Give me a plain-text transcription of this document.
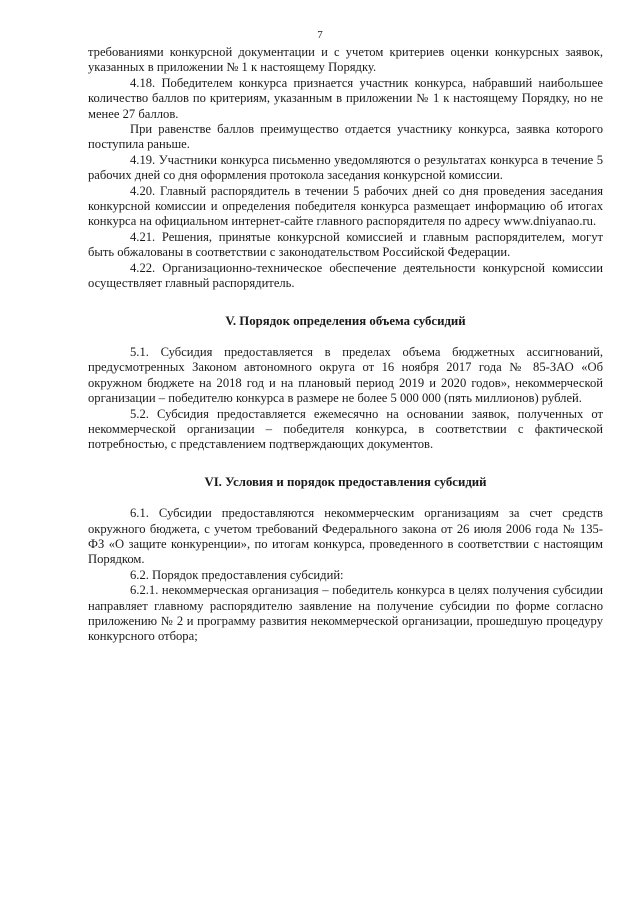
7

требованиями конкурсной документации и с учетом критериев оценки конкурсных заявок, указанных в приложении № 1 к настоящему Порядку.

4.18. Победителем конкурса признается участник конкурса, набравший наибольшее количество баллов по критериям, указанным в приложении № 1 к настоящему Порядку, но не менее 27 баллов.

При равенстве баллов преимущество отдается участнику конкурса, заявка которого поступила раньше.

4.19. Участники конкурса письменно уведомляются о результатах конкурса в течение 5 рабочих дней со дня оформления протокола заседания конкурсной комиссии.

4.20. Главный распорядитель в течении 5 рабочих дней со дня проведения заседания конкурсной комиссии и определения победителя конкурса размещает информацию об итогах конкурса на официальном интернет-сайте главного распорядителя по адресу www.dniyanao.ru.

4.21. Решения, принятые конкурсной комиссией и главным распорядителем, могут быть обжалованы в соответствии с законодательством Российской Федерации.

4.22. Организационно-техническое обеспечение деятельности конкурсной комиссии осуществляет главный распорядитель.

V. Порядок определения объема субсидий

5.1. Субсидия предоставляется в пределах объема бюджетных ассигнований, предусмотренных Законом автономного округа от 16 ноября 2017 года № 85-ЗАО «Об окружном бюджете на 2018 год и на плановый период 2019 и 2020 годов», некоммерческой организации – победителю конкурса в размере не более 5 000 000 (пять миллионов) рублей.

5.2. Субсидия предоставляется ежемесячно на основании заявок, полученных от некоммерческой организации – победителя конкурса, в соответствии с фактической потребностью, с представлением подтверждающих документов.

VI. Условия и порядок предоставления субсидий

6.1. Субсидии предоставляются некоммерческим организациям за счет средств окружного бюджета, с учетом требований Федерального закона от 26 июля 2006 года № 135-ФЗ «О защите конкуренции», по итогам конкурса, проведенного в соответствии с настоящим Порядком.

6.2. Порядок предоставления субсидий:

6.2.1. некоммерческая организация – победитель конкурса в целях получения субсидии направляет главному распорядителю заявление на получение субсидии по форме согласно приложению № 2 и программу развития некоммерческой организации, прошедшую процедуру конкурсного отбора;
